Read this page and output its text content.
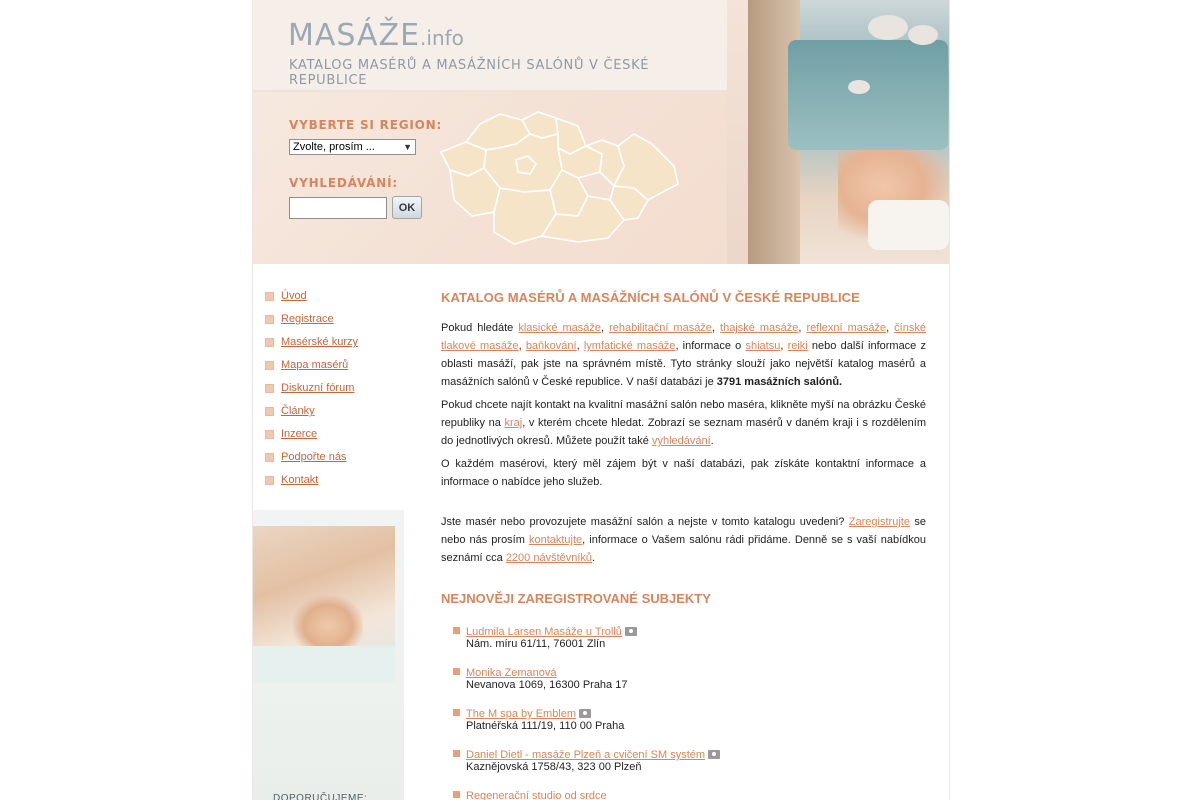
MASÁŽE.info
KATALOG MASÉRŮ A MASÁŽNÍCH SALÓNŮ V ČESKÉ REPUBLICE
VYBERTE SI REGION:
Zvolte, prosím ...	▼
VYHLEDÁVÁNÍ:
OK
Úvod
Registrace
Masérské kurzy
Mapa masérů
Diskuzní fórum
Články
Inzerce
Podpořte nás
Kontakt
DOPORUČUJEME:
KATALOG MASÉRŮ A MASÁŽNÍCH SALÓNŮ V ČESKÉ REPUBLICE

Pokud hledáte klasické masáže, rehabilitační masáže, thajské masáže, reflexní masáže, čínské tlakové masáže, baňkování, lymfatické masáže, informace o shiatsu, reiki nebo další informace z oblasti masáží, pak jste na správném místě. Tyto stránky slouží jako největší katalog masérů a masážních salónů v České republice. V naší databázi je 3791 masážních salónů.

Pokud chcete najít kontakt na kvalitní masážní salón nebo maséra, klikněte myší na obrázku České republiky na kraj, v kterém chcete hledat. Zobrazí se seznam masérů v daném kraji i s rozdělením do jednotlivých okresů. Můžete použít také vyhledávání.

O každém masérovi, který měl zájem být v naší databázi, pak získáte kontaktní informace a informace o nabídce jeho služeb.

Jste masér nebo provozujete masážní salón a nejste v tomto katalogu uvedeni? Zaregistrujte se nebo nás prosím kontaktujte, informace o Vašem salónu rádi přidáme. Denně se s vaší nabídkou seznámí cca 2200 návštěvníků.

NEJNOVĚJI ZAREGISTROVANÉ SUBJEKTY
Ludmila Larsen Masáže u Trollů
Nám. míru 61/11, 76001 Zlín
Monika Zemanová
Nevanova 1069, 16300 Praha 17
The M spa by Emblem
Platnéřská 111/19, 110 00 Praha
Daniel Dietl - masáže Plzeň a cvičení SM systém
Kaznějovská 1758/43, 323 00 Plzeň
Regenerační studio od srdce
